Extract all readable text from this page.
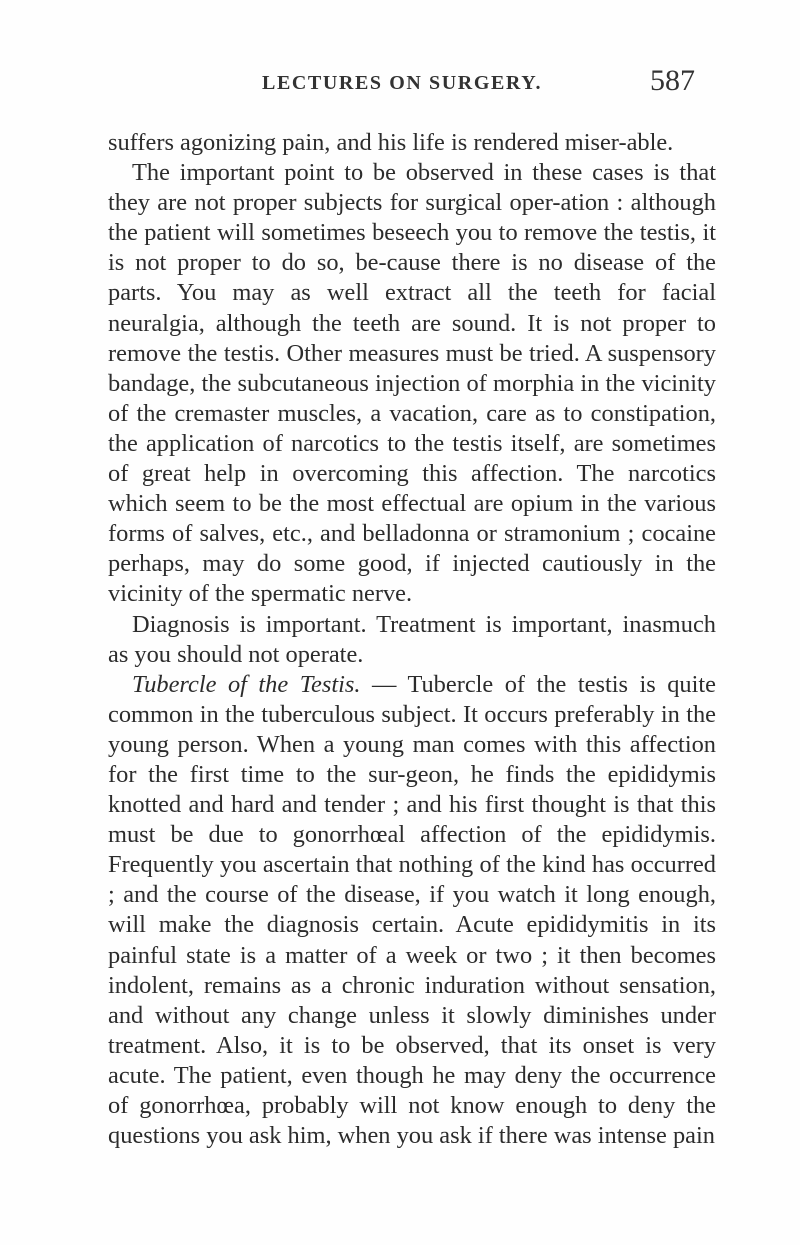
LECTURES ON SURGERY.	587

suffers agonizing pain, and his life is rendered miser-able.

The important point to be observed in these cases is that they are not proper subjects for surgical oper-ation : although the patient will sometimes beseech you to remove the testis, it is not proper to do so, be-cause there is no disease of the parts. You may as well extract all the teeth for facial neuralgia, although the teeth are sound. It is not proper to remove the testis. Other measures must be tried. A suspensory bandage, the subcutaneous injection of morphia in the vicinity of the cremaster muscles, a vacation, care as to constipation, the application of narcotics to the testis itself, are sometimes of great help in overcoming this affection. The narcotics which seem to be the most effectual are opium in the various forms of salves, etc., and belladonna or stramonium ; cocaine perhaps, may do some good, if injected cautiously in the vicinity of the spermatic nerve.

Diagnosis is important. Treatment is important, inasmuch as you should not operate.

Tubercle of the Testis. — Tubercle of the testis is quite common in the tuberculous subject. It occurs preferably in the young person. When a young man comes with this affection for the first time to the sur-geon, he finds the epididymis knotted and hard and tender ; and his first thought is that this must be due to gonorrhœal affection of the epididymis. Frequently you ascertain that nothing of the kind has occurred ; and the course of the disease, if you watch it long enough, will make the diagnosis certain. Acute epididymitis in its painful state is a matter of a week or two ; it then becomes indolent, remains as a chronic induration without sensation, and without any change unless it slowly diminishes under treatment. Also, it is to be observed, that its onset is very acute. The patient, even though he may deny the occurrence of gonorrhœa, probably will not know enough to deny the questions you ask him, when you ask if there was intense pain
